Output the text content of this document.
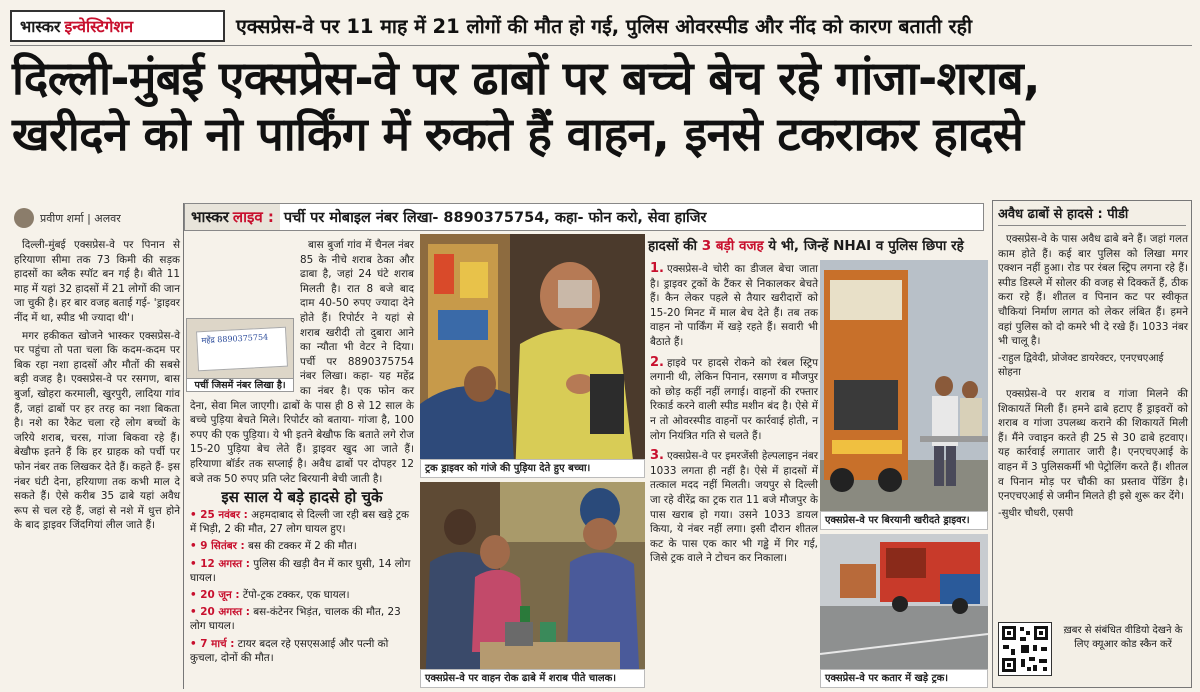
भास्कर इन्वेस्टिगेशन	एक्सप्रेस-वे पर 11 माह में 21 लोगों की मौत हो गई, पुलिस ओवरस्पीड और नींद को कारण बताती रही
दिल्ली-मुंबई एक्सप्रेस-वे पर ढाबों पर बच्चे बेच रहे गांजा-शराब,
खरीदने को नो पार्किंग में रुकते हैं वाहन, इनसे टकराकर हादसे
प्रवीण शर्मा | अलवर

दिल्ली-मुंबई एक्सप्रेस-वे पर पिनान से हरियाणा सीमा तक 73 किमी की सड़क हादसों का ब्लैक स्पॉट बन गई है। बीते 11 माह में यहां 32 हादसों में 21 लोगों की जान जा चुकी है। हर बार वजह बताई गई- 'ड्राइवर नींद में था, स्पीड भी ज्यादा थी'।

मगर हकीकत खोजने भास्कर एक्सप्रेस-वे पर पहुंचा तो पता चला कि कदम-कदम पर बिक रहा नशा हादसों और मौतों की सबसे बड़ी वजह है। एक्सप्रेस-वे पर रसगण, बास बुर्जा, खोहरा करमाली, खुरपुरी, लादिया गांव हैं, जहां ढाबों पर हर तरह का नशा बिकता है। नशे का रैकेट चला रहे लोग बच्चों के जरिये शराब, चरस, गांजा बिकवा रहे हैं। बेखौफ इतने हैं कि हर ग्राहक को पर्ची पर फोन नंबर तक लिखकर देते हैं। कहते हैं- इस नंबर घंटी देना, हरियाणा तक कभी माल दे सकते हैं। ऐसे करीब 35 ढाबे यहां अवैध रूप से चल रहे हैं, जहां से नशे में धुत्त होने के बाद ड्राइवर जिंदगियां लील जाते हैं।

भास्कर लाइव : पर्ची पर मोबाइल नंबर लिखा- 8890375754, कहा- फोन करो, सेवा हाजिर

बास बुर्जा गांव में चैनल नंबर 85 के नीचे शराब ठेका और ढाबा है, जहां 24 घंटे शराब मिलती है। रात 8 बजे बाद दाम 40-50 रुपए ज्यादा देने होते हैं। रिपोर्टर ने यहां से शराब खरीदी तो दुबारा आने का न्यौता भी वेटर ने दिया। पर्ची पर 8890375754 नंबर लिखा। कहा- यह महेंद्र का नंबर है। एक फोन कर देना, सेवा मिल जाएगी। ढाबों के पास ही 8 से 12 साल के बच्चे पुड़िया बेचते मिले। रिपोर्टर को बताया- गांजा है, 100 रुपए की एक पुड़िया। ये भी इतने बेखौफ कि बताते लगे रोज 15-20 पुड़िया बेच लेते हैं। ड्राइवर खुद आ जाते हैं। हरियाणा बॉर्डर तक सप्लाई है। अवैध ढाबों पर दोपहर 12 बजे तक 50 रुपए प्रति प्लेट बिरयानी बेची जाती है।

महेंद्र 8890375754
पर्ची जिसमें नंबर लिखा है।
इस साल ये बड़े हादसे हो चुके
• 25 नवंबर : अहमदाबाद से दिल्ली जा रही बस खड़े ट्रक में भिड़ी, 2 की मौत, 27 लोग घायल हुए।
• 9 सितंबर : बस की टक्कर में 2 की मौत।
• 12 अगस्त : पुलिस की खड़ी वैन में कार घुसी, 14 लोग घायल।
• 20 जून : टेंपो-ट्रक टक्कर, एक घायल।
• 20 अगस्त : बस-कंटेनर भिड़ंत, चालक की मौत, 23 लोग घायल।
• 7 मार्च : टायर बदल रहे एसएसआई और पत्नी को कुचला, दोनों की मौत।
ट्रक ड्राइवर को गांजे की पुड़िया देते हुए बच्चा।
एक्सप्रेस-वे पर वाहन रोक ढाबे में शराब पीते चालक।
हादसों की 3 बड़ी वजह ये भी, जिन्हें NHAI व पुलिस छिपा रहे

1. एक्सप्रेस-वे चोरी का डीजल बेचा जाता है। ड्राइवर ट्रकों के टैंकर से निकालकर बेचते हैं। कैन लेकर पहले से तैयार खरीदारों को 15-20 मिनट में माल बेच देते हैं। तब तक वाहन नो पार्किंग में खड़े रहते हैं। सवारी भी बैठाते हैं।

2. हाइवे पर हादसे रोकने को रंबल स्ट्रिप लगानी थी, लेकिन पिनान, रसगण व मौजपुर को छोड़ कहीं नहीं लगाई। वाहनों की रफ्तार रिकार्ड करने वाली स्पीड मशीन बंद है। ऐसे में न तो ओवरस्पीड वाहनों पर कार्रवाई होती, न लोग नियंत्रित गति से चलते हैं।

3. एक्सप्रेस-वे पर इमरजेंसी हेल्पलाइन नंबर 1033 लगता ही नहीं है। ऐसे में हादसों में तत्काल मदद नहीं मिलती। जयपुर से दिल्ली जा रहे वीरेंद्र का ट्रक रात 11 बजे मौजपुर के पास खराब हो गया। उसने 1033 डायल किया, ये नंबर नहीं लगा। इसी दौरान शीतल कट के पास एक कार भी गड्ढे में गिर गई, जिसे ट्रक वाले ने टोचन कर निकाला।

एक्सप्रेस-वे पर बिरयानी खरीदते ड्राइवर।
एक्सप्रेस-वे पर कतार में खड़े ट्रक।
अवैध ढाबों से हादसे : पीडी

एक्सप्रेस-वे के पास अवैध ढाबे बने हैं। जहां गलत काम होते हैं। कई बार पुलिस को लिखा मगर एक्शन नहीं हुआ। रोड पर रंबल स्ट्रिप लगना रहे हैं। स्पीड डिस्प्ले में सोलर की वजह से दिक्कतें हैं, ठीक करा रहे हैं। शीतल व पिनान कट पर स्वीकृत चौकियां निर्माण लागत को लेकर लंबित हैं। हमने वहां पुलिस को दो कमरे भी दे रखे हैं। 1033 नंबर भी चालू है।

-राहुल द्विवेदी, प्रोजेक्ट डायरेक्टर, एनएचएआई सोहना

एक्सप्रेस-वे पर शराब व गांजा मिलने की शिकायतें मिली हैं। हमने ढाबे हटाए हैं ड्राइवरों को शराब व गांजा उपलब्ध कराने की शिकायतें मिली हैं। मैंने ज्वाइन करते ही 25 से 30 ढाबे हटवाए। यह कार्रवाई लगातार जारी है। एनएचएआई के वाहन में 3 पुलिसकर्मी भी पेट्रोलिंग करते हैं। शीतल व पिनान मोड़ पर चौकी का प्रस्ताव पेंडिंग है। एनएचएआई से जमीन मिलते ही इसे शुरू कर देंगे।

-सुधीर चौधरी, एसपी
ख़बर से संबंधित वीडियो देखने के लिए क्यूआर कोड स्कैन करें
